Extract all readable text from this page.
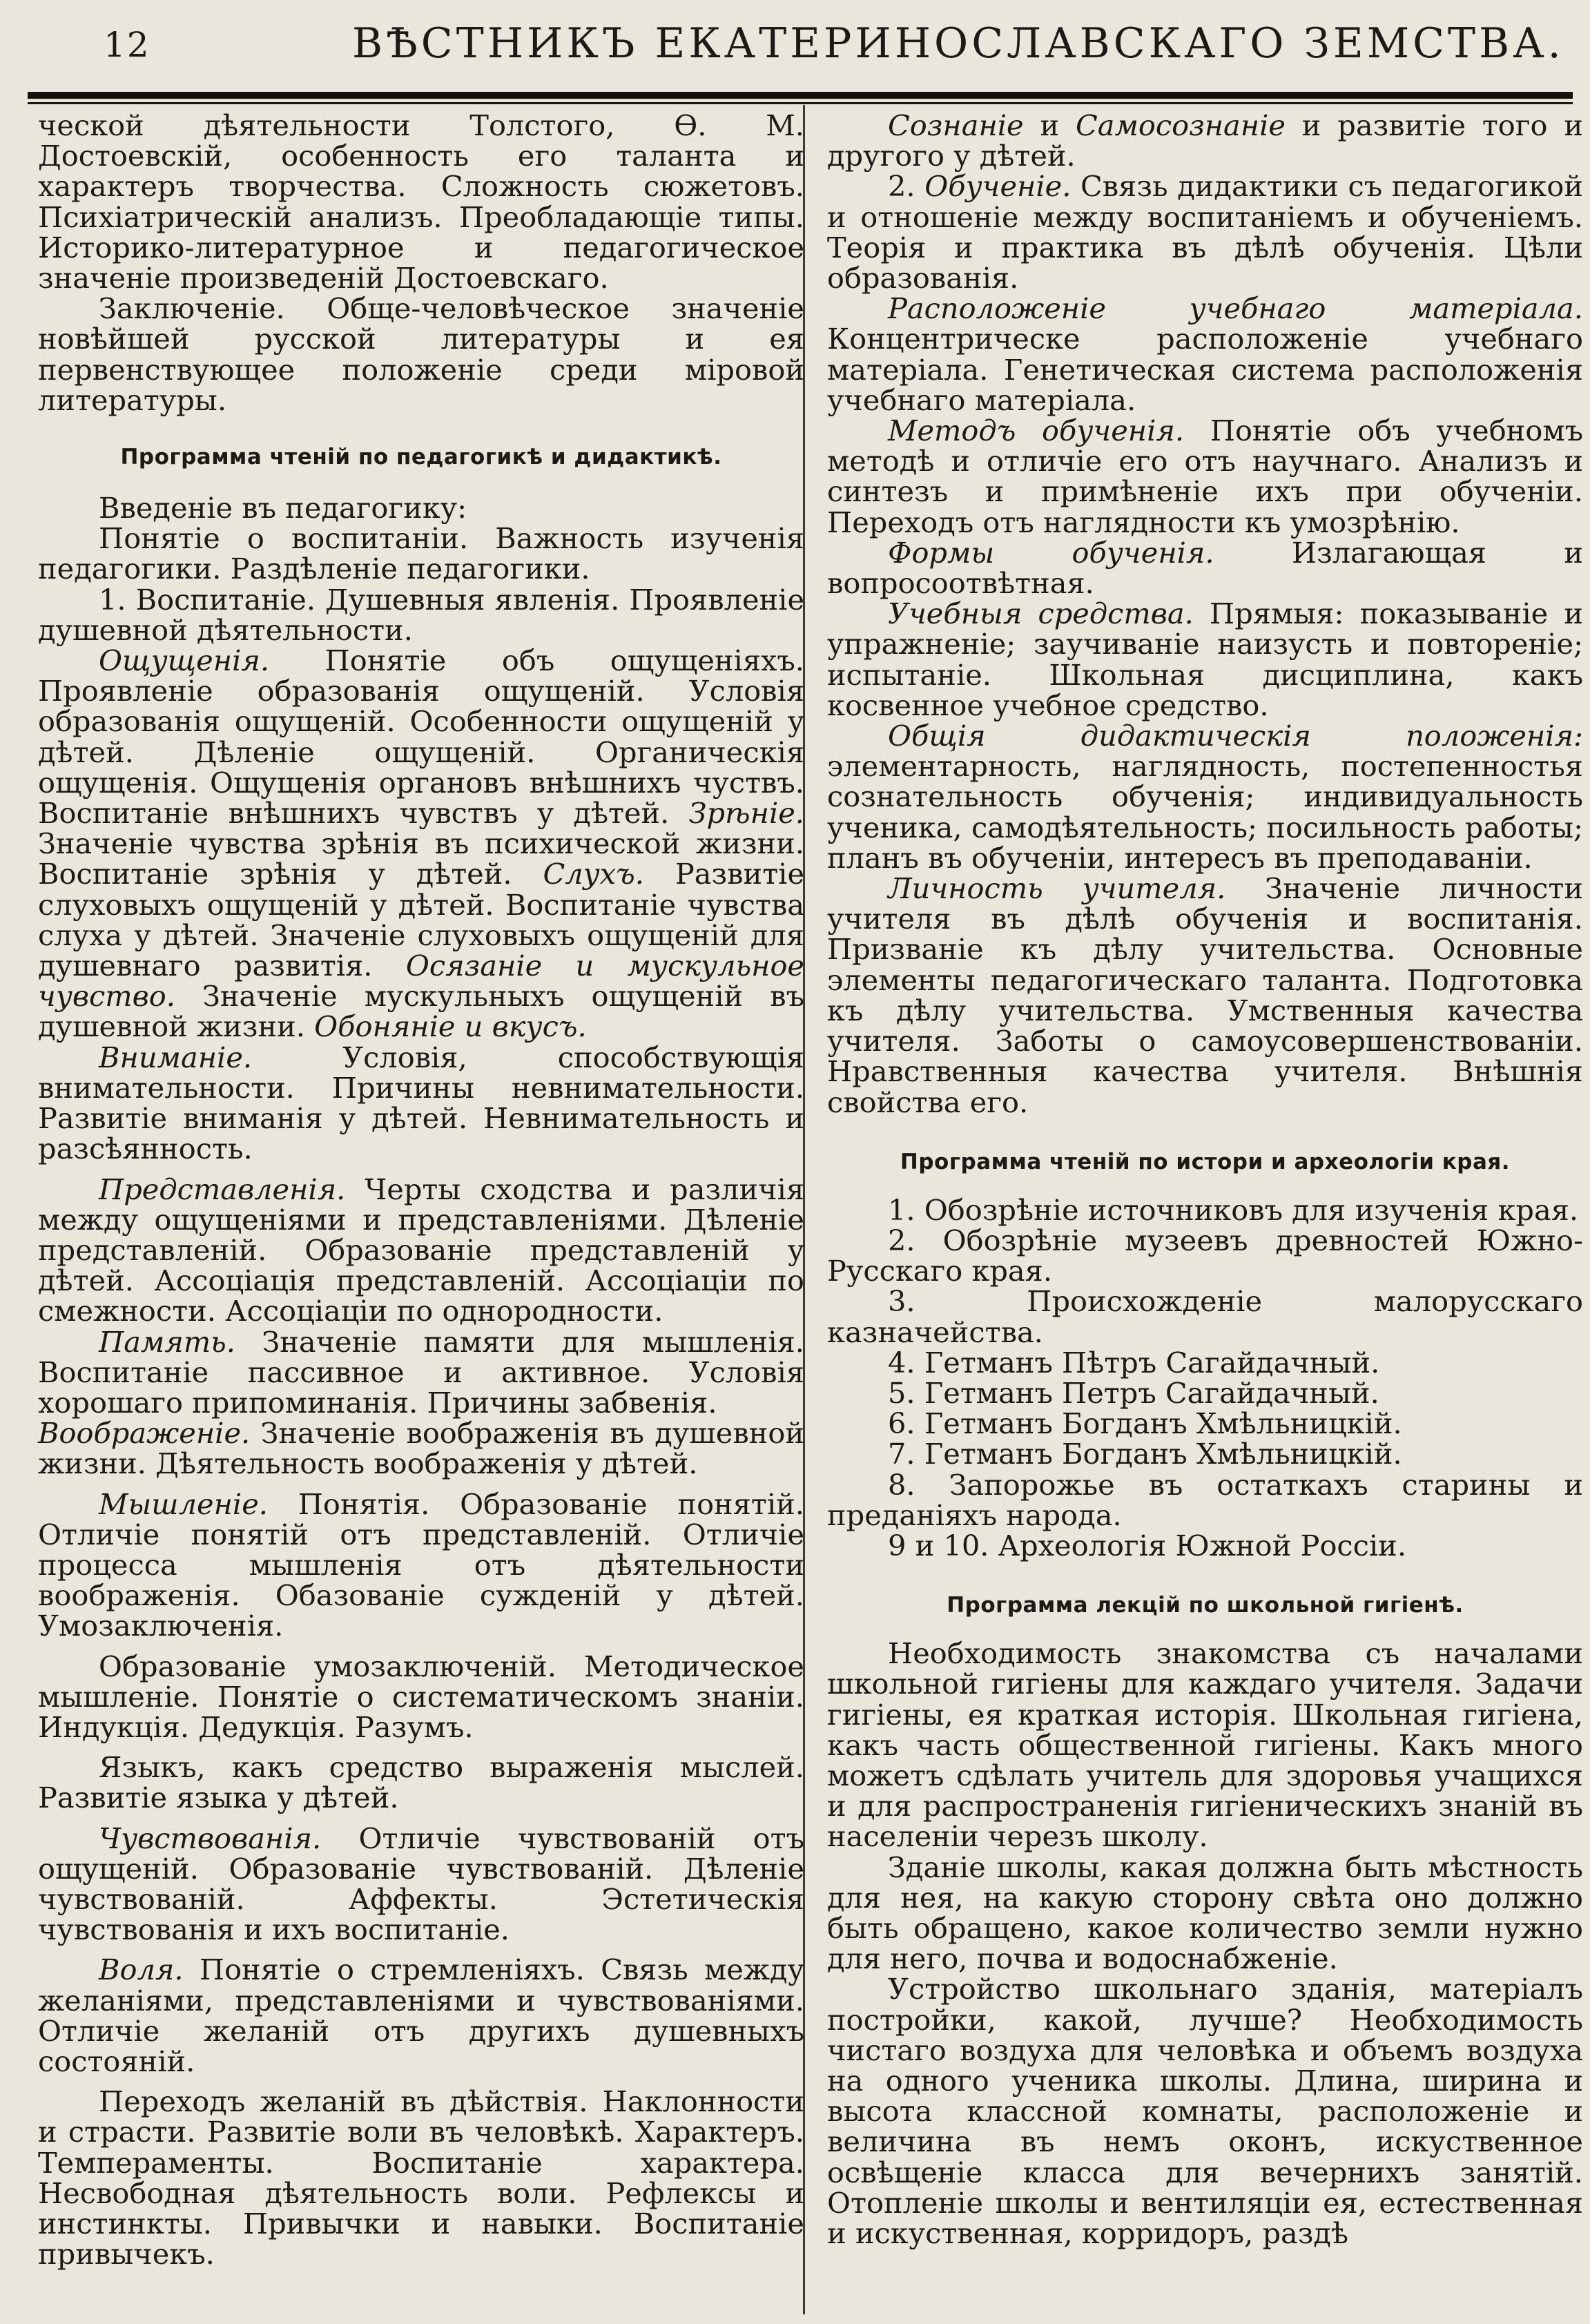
12	ВѢСТНИКЪ ЕКАТЕРИНОСЛАВСКАГО ЗЕМСТВА.

ческой дѣятельности Толстого, Ѳ. М. Достоевскій, особенность его таланта и характеръ творчества. Сложность сюжетовъ. Психіатрическій анализъ. Преобладающіе типы. Историко-литературное и педагогическое значеніе произведеній Достоевскаго.

Заключеніе. Обще-человѣческое значеніе новѣйшей русской литературы и ея первенствующее положеніе среди міровой литературы.

Программа чтеній по педагогикѣ и дидактикѣ.

Введеніе въ педагогику:

Понятіе о воспитаніи. Важность изученія педагогики. Раздѣленіе педагогики.

1. Воспитаніе. Душевныя явленія. Проявленіе душевной дѣятельности.

Ощущенія. Понятіе объ ощущеніяхъ. Проявленіе образованія ощущеній. Условія образованія ощущеній. Особенности ощущеній у дѣтей. Дѣленіе ощущеній. Органическія ощущенія. Ощущенія органовъ внѣшнихъ чуствъ. Воспитаніе внѣшнихъ чувствъ у дѣтей. Зрѣніе. Значеніе чувства зрѣнія въ психической жизни. Воспитаніе зрѣнія у дѣтей. Слухъ. Развитіе слуховыхъ ощущеній у дѣтей. Воспитаніе чувства слуха у дѣтей. Значеніе слуховыхъ ощущеній для душевнаго развитія. Осязаніе и мускульное чувство. Значеніе мускульныхъ ощущеній въ душевной жизни. Обоняніе и вкусъ.

Вниманіе. Условія, способствующія внимательности. Причины невнимательности. Развитіе вниманія у дѣтей. Невнимательность и разсѣянность.

Представленія. Черты сходства и различія между ощущеніями и представленіями. Дѣленіе представленій. Образованіе представленій у дѣтей. Ассоціація представленій. Ассоціаціи по смежности. Ассоціаціи по однородности.

Память. Значеніе памяти для мышленія. Воспитаніе пассивное и активное. Условія хорошаго припоминанія. Причины забвенія.

Воображеніе. Значеніе воображенія въ душевной жизни. Дѣятельность воображенія у дѣтей.

Мышленіе. Понятія. Образованіе понятій. Отличіе понятій отъ представленій. Отличіе процесса мышленія отъ дѣятельности воображенія. Обазованіе сужденій у дѣтей. Умозаключенія.

Образованіе умозаключеній. Методическое мышленіе. Понятіе о систематическомъ знаніи. Индукція. Дедукція. Разумъ.

Языкъ, какъ средство выраженія мыслей. Развитіе языка у дѣтей.

Чувствованія. Отличіе чувствованій отъ ощущеній. Образованіе чувствованій. Дѣленіе чувствованій. Аффекты. Эстетическія чувствованія и ихъ воспитаніе.

Воля. Понятіе о стремленіяхъ. Связь между желаніями, представленіями и чувствованіями. Отличіе желаній отъ другихъ душевныхъ состояній.

Переходъ желаній въ дѣйствія. Наклонности и страсти. Развитіе воли въ человѣкѣ. Характеръ. Темпераменты. Воспитаніе характера. Несвободная дѣятельность воли. Рефлексы и инстинкты. Привычки и навыки. Воспитаніе привычекъ.

Сознаніе и Самосознаніе и развитіе того и другого у дѣтей.

2. Обученіе. Связь дидактики съ педагогикой и отношеніе между воспитаніемъ и обученіемъ. Теорія и практика въ дѣлѣ обученія. Цѣли образованія.

Расположеніе учебнаго матеріала. Концентрическе расположеніе учебнаго матеріала. Генетическая система расположенія учебнаго матеріала.

Методъ обученія. Понятіе объ учебномъ методѣ и отличіе его отъ научнаго. Анализъ и синтезъ и примѣненіе ихъ при обученіи. Переходъ отъ наглядности къ умозрѣнію.

Формы обученія. Излагающая и вопросоотвѣтная.

Учебныя средства. Прямыя: показываніе и упражненіе; заучиваніе наизусть и повтореніе; испытаніе. Школьная дисциплина, какъ косвенное учебное средство.

Общія дидактическія положенія: элементарность, наглядность, постепенностья сознательность обученія; индивидуальность ученика, самодѣятельность; посильность работы; планъ въ обученіи, интересъ въ преподаваніи.

Личность учителя. Значеніе личности учителя въ дѣлѣ обученія и воспитанія. Призваніе къ дѣлу учительства. Основные элементы педагогическаго таланта. Подготовка къ дѣлу учительства. Умственныя качества учителя. Заботы о самоусовершенствованіи. Нравственныя качества учителя. Внѣшнія свойства его.

Программа чтеній по истори и археологіи края.

1. Обозрѣніе источниковъ для изученія края.

2. Обозрѣніе музеевъ древностей Южно-Русскаго края.

3. Происхожденіе малорусскаго казначейства.

4. Гетманъ Пѣтръ Сагайдачный.

5. Гетманъ Петръ Сагайдачный.

6. Гетманъ Богданъ Хмѣльницкій.

7. Гетманъ Богданъ Хмѣльницкій.

8. Запорожье въ остаткахъ старины и преданіяхъ народа.

9 и 10. Археологія Южной Россіи.

Программа лекцій по школьной гигіенѣ.

Необходимость знакомства съ началами школьной гигіены для каждаго учителя. Задачи гигіены, ея краткая исторія. Школьная гигіена, какъ часть общественной гигіены. Какъ много можетъ сдѣлать учитель для здоровья учащихся и для распространенія гигіеническихъ знаній въ населеніи черезъ школу.

Зданіе школы, какая должна быть мѣстность для нея, на какую сторону свѣта оно должно быть обращено, какое количество земли нужно для него, почва и водоснабженіе.

Устройство школьнаго зданія, матеріалъ постройки, какой, лучше? Необходимость чистаго воздуха для человѣка и объемъ воздуха на одного ученика школы. Длина, ширина и высота классной комнаты, расположеніе и величина въ немъ оконъ, искуственное освѣщеніе класса для вечернихъ занятій. Отопленіе школы и вентиляціи ея, естественная и искуственная, корридоръ, раздѣ
